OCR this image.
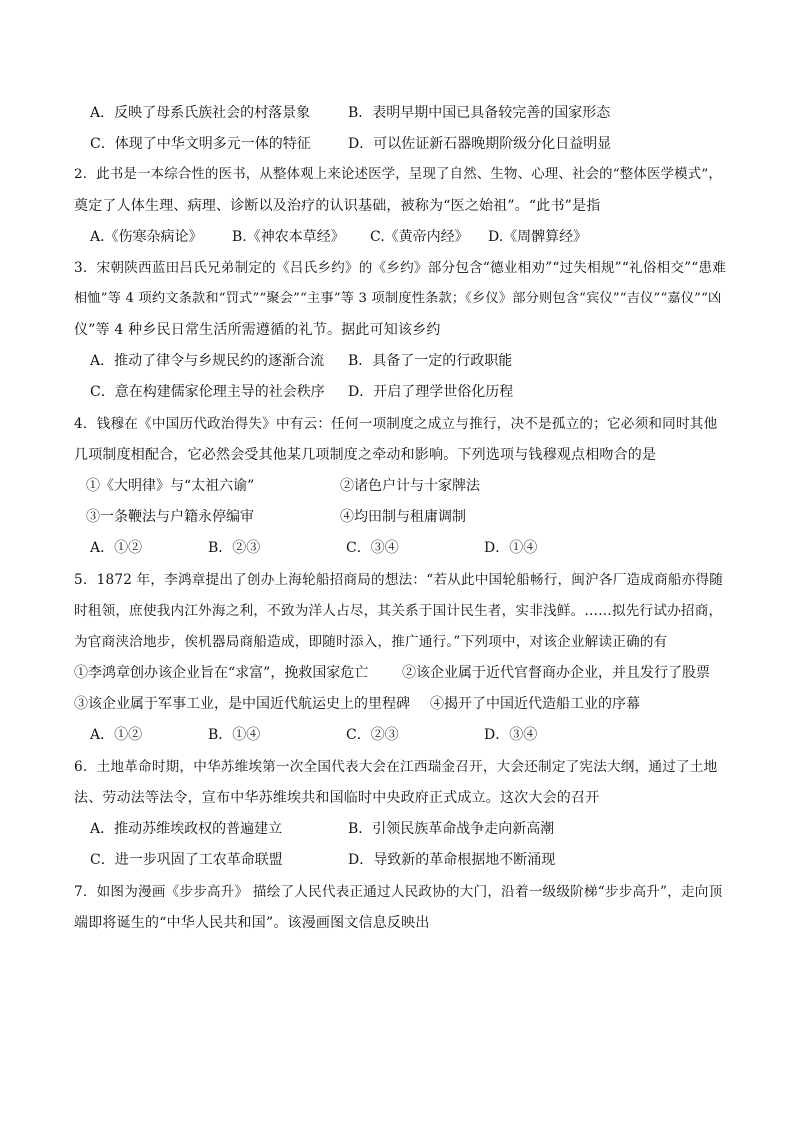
A．反映了母系氏族社会的村落景象	B．表明早期中国已具备较完善的国家形态
C．体现了中华文明多元一体的特征	D．可以佐证新石器晚期阶级分化日益明显
2．此书是一本综合性的医书，从整体观上来论述医学，呈现了自然、生物、心理、社会的“整体医学模式”，
奠定了人体生理、病理、诊断以及治疗的认识基础，被称为“医之始祖”。“此书”是指
A.《伤寒杂病论》 B.《神农本草经》 C.《黄帝内经》 D.《周髀算经》
3．宋朝陕西蓝田吕氏兄弟制定的《吕氏乡约》的《乡约》部分包含“德业相劝”“过失相规”“礼俗相交”“患难
相恤”等 4 项约文条款和“罚式”“聚会”“主事”等 3 项制度性条款；《乡仪》部分则包含“宾仪”“吉仪”“嘉仪”“凶
仪”等 4 种乡民日常生活所需遵循的礼节。据此可知该乡约
A．推动了律令与乡规民约的逐渐合流 B．具备了一定的行政职能
C．意在构建儒家伦理主导的社会秩序 D．开启了理学世俗化历程
4．钱穆在《中国历代政治得失》中有云：任何一项制度之成立与推行，决不是孤立的；它必须和同时其他
几项制度相配合，它必然会受其他某几项制度之牵动和影响。下列选项与钱穆观点相吻合的是
①《大明律》与“太祖六谕”	②诸色户计与十家牌法
③一条鞭法与户籍永停编审	④均田制与租庸调制
A．①②	B．②③	C．③④	D．①④
5．1872 年，李鸿章提出了创办上海轮船招商局的想法：“若从此中国轮船畅行，闽沪各厂造成商船亦得随
时租领，庶使我内江外海之利，不致为洋人占尽，其关系于国计民生者，实非浅鲜。……拟先行试办招商，
为官商浃洽地步，俟机器局商船造成，即随时添入，推广通行。”下列项中，对该企业解读正确的有
①李鸿章创办该企业旨在“求富”，挽救国家危亡 ②该企业属于近代官督商办企业，并且发行了股票
③该企业属于军事工业，是中国近代航运史上的里程碑 ④揭开了中国近代造船工业的序幕
A．①②	B．①④	C．②③	D．③④
6．土地革命时期，中华苏维埃第一次全国代表大会在江西瑞金召开，大会还制定了宪法大纲，通过了土地
法、劳动法等法令，宣布中华苏维埃共和国临时中央政府正式成立。这次大会的召开
A．推动苏维埃政权的普遍建立	B．引领民族革命战争走向新高潮
C．进一步巩固了工农革命联盟	D．导致新的革命根据地不断涌现
7．如图为漫画《步步高升》 描绘了人民代表正通过人民政协的大门，沿着一级级阶梯“步步高升”，走向顶
端即将诞生的“中华人民共和国”。该漫画图文信息反映出
